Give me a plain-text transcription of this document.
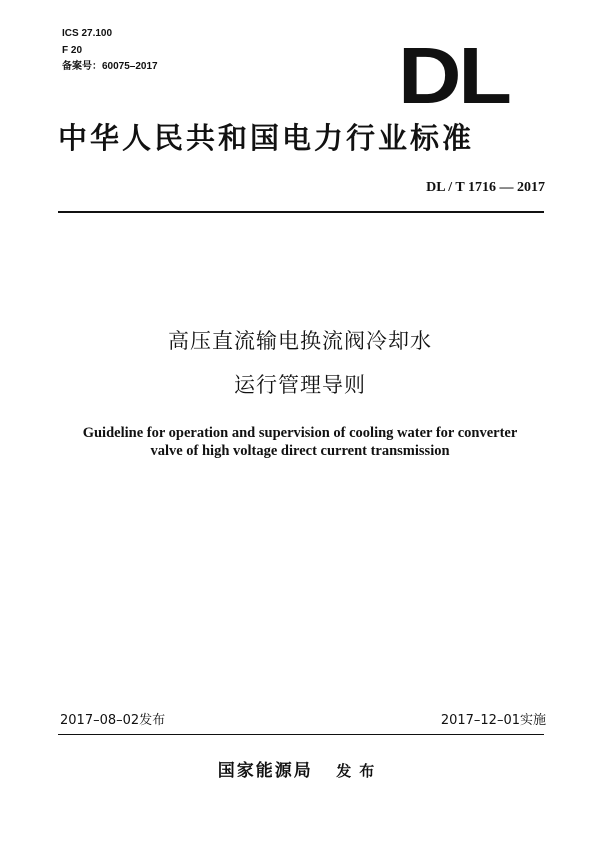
ICS 27.100
F 20
备案号：60075–2017	DL
中华人民共和国电力行业标准
DL / T 1716 — 2017
高压直流输电换流阀冷却水
运行管理导则
Guideline for operation and supervision of cooling water for converter
valve of high voltage direct current transmission
2017–08–02发布	2017–12–01实施
国家能源局 发布
